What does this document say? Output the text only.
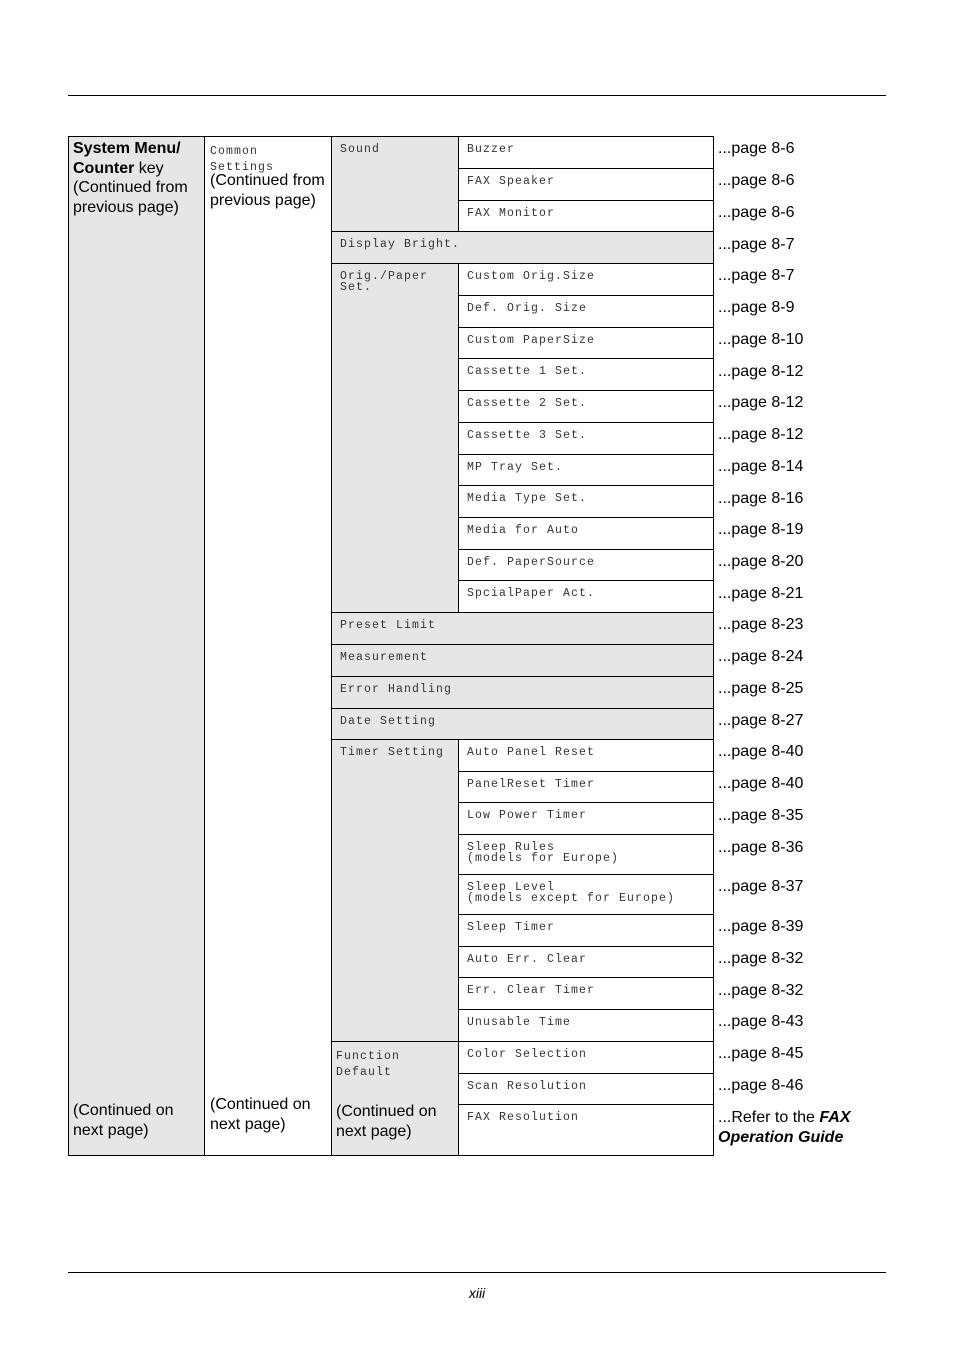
System Menu/
Counter key
(Continued from
previous page)
(Continued on
next page)
Common
Settings
(Continued from
previous page)
(Continued on
next page)
Sound
Display Bright.
Orig./Paper
Set.
Preset Limit
Measurement
Error Handling
Date Setting
Timer Setting
Function
Default
(Continued on
next page)
Buzzer
FAX Speaker
FAX Monitor
Custom Orig.Size
Def. Orig. Size
Custom PaperSize
Cassette 1 Set.
Cassette 2 Set.
Cassette 3 Set.
MP Tray Set.
Media Type Set.
Media for Auto
Def. PaperSource
SpcialPaper Act.
Auto Panel Reset
PanelReset Timer
Low Power Timer
Sleep Rules
(models for Europe)
Sleep Level
(models except for Europe)
Sleep Timer
Auto Err. Clear
Err. Clear Timer
Unusable Time
Color Selection
Scan Resolution
FAX Resolution
...page 8-6
...page 8-6
...page 8-6
...page 8-7
...page 8-7
...page 8-9
...page 8-10
...page 8-12
...page 8-12
...page 8-12
...page 8-14
...page 8-16
...page 8-19
...page 8-20
...page 8-21
...page 8-23
...page 8-24
...page 8-25
...page 8-27
...page 8-40
...page 8-40
...page 8-35
...page 8-36
...page 8-37
...page 8-39
...page 8-32
...page 8-32
...page 8-43
...page 8-45
...page 8-46
...Refer to the FAX
Operation Guide
xiii
